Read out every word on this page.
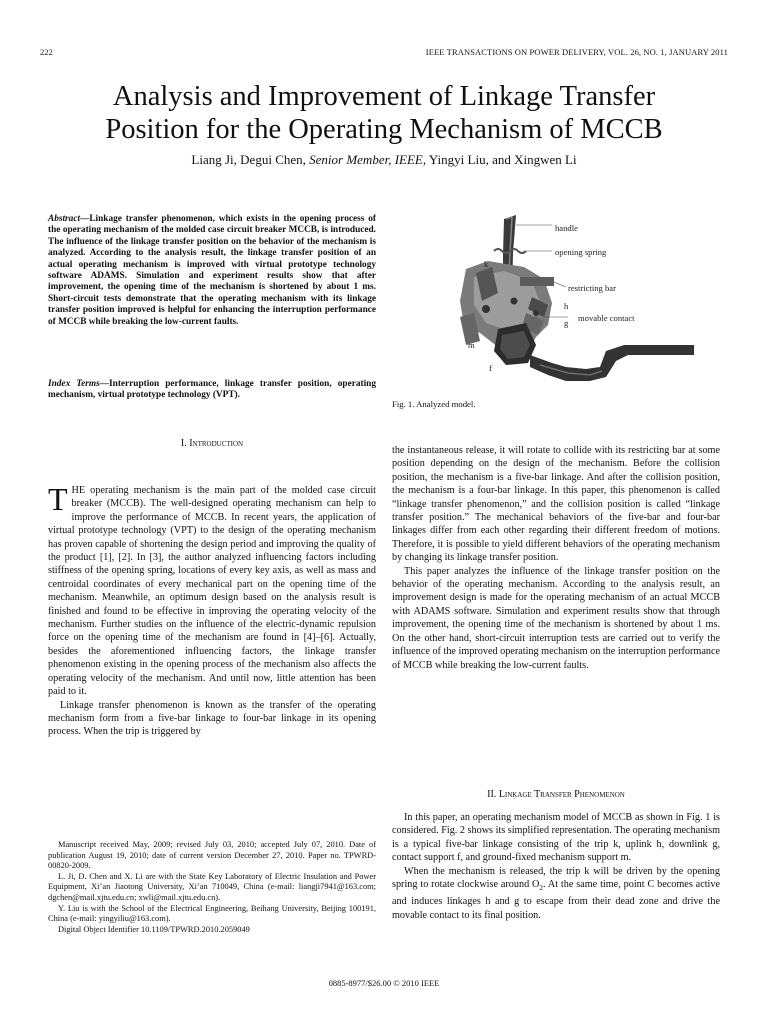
222	IEEE TRANSACTIONS ON POWER DELIVERY, VOL. 26, NO. 1, JANUARY 2011
Analysis and Improvement of Linkage Transfer
Position for the Operating Mechanism of MCCB
Liang Ji, Degui Chen, Senior Member, IEEE, Yingyi Liu, and Xingwen Li
Abstract—Linkage transfer phenomenon, which exists in the opening process of the operating mechanism of the molded case circuit breaker MCCB, is introduced. The influence of the linkage transfer position on the behavior of the mechanism is analyzed. According to the analysis result, the linkage transfer position of an actual operating mechanism is improved with virtual prototype technology software ADAMS. Simulation and experiment results show that after improvement, the opening time of the mechanism is shortened by about 1 ms. Short-circuit tests demonstrate that the operating mechanism with its linkage transfer position improved is helpful for enhancing the interruption performance of MCCB while breaking the low-current faults.
Index Terms—Interruption performance, linkage transfer position, operating mechanism, virtual prototype technology (VPT).
handle
opening spring
k
restricting bar
h
g movable contact
m
f
Fig. 1. Analyzed model.
I. Introduction

THE operating mechanism is the main part of the molded case circuit breaker (MCCB). The well-designed operating mechanism can help to improve the performance of MCCB. In recent years, the application of virtual prototype technology (VPT) to the design of the operating mechanism has proven capable of shortening the design period and improving the quality of the product [1], [2]. In [3], the author analyzed influencing factors including stiffness of the opening spring, locations of every key axis, as well as mass and centroidal coordinates of every mechanical part on the opening time of the mechanism. Meanwhile, an optimum design based on the analysis result is finished and found to be effective in improving the operating velocity of the mechanism. Further studies on the influence of the electric-dynamic repulsion force on the opening time of the mechanism are found in [4]–[6]. Actually, besides the aforementioned influencing factors, the linkage transfer phenomenon existing in the opening process of the mechanism also affects the operating velocity of the mechanism. And until now, little attention has been paid to it.

Linkage transfer phenomenon is known as the transfer of the operating mechanism form from a five-bar linkage to four-bar linkage in its opening process. When the trip is triggered by

Manuscript received May, 2009; revised July 03, 2010; accepted July 07, 2010. Date of publication August 19, 2010; date of current version December 27, 2010. Paper no. TPWRD-00820-2009.

L. Ji, D. Chen and X. Li are with the State Key Laboratory of Electric Insulation and Power Equipment, Xi’an Jiaotong University, Xi’an 710049, China (e-mail: liangji7941@163.com; dgchen@mail.xjtu.edu.cn; xwli@mail.xjtu.edu.cn).

Y. Liu is with the School of the Electrical Engineering, Beihang University, Beijing 100191, China (e-mail: yingyiliu@163.com).

Digital Object Identifier 10.1109/TPWRD.2010.2059049

the instantaneous release, it will rotate to collide with its restricting bar at some position depending on the design of the mechanism. Before the collision position, the mechanism is a five-bar linkage. And after the collision position, the mechanism is a four-bar linkage. In this paper, this phenomenon is called “linkage transfer phenomenon,” and the collision position is called “linkage transfer position.” The mechanical behaviors of the five-bar and four-bar linkages differ from each other regarding their different freedom of motions. Therefore, it is possible to yield different behaviors of the operating mechanism by changing its linkage transfer position.

This paper analyzes the influence of the linkage transfer position on the behavior of the operating mechanism. According to the analysis result, an improvement design is made for the operating mechanism of an actual MCCB with ADAMS software. Simulation and experiment results show that through improvement, the opening time of the mechanism is shortened by about 1 ms. On the other hand, short-circuit interruption tests are carried out to verify the influence of the improved operating mechanism on the interruption performance of MCCB while breaking the low-current faults.

II. Linkage Transfer Phenomenon

In this paper, an operating mechanism model of MCCB as shown in Fig. 1 is considered. Fig. 2 shows its simplified representation. The operating mechanism is a typical five-bar linkage consisting of the trip k, uplink h, downlink g, contact support f, and ground-fixed mechanism support m.

When the mechanism is released, the trip k will be driven by the opening spring to rotate clockwise around $O_2$. At the same time, point C becomes active and induces linkages h and g to escape from their dead zone and drive the movable contact to its final position.

0885-8977/$26.00 © 2010 IEEE
